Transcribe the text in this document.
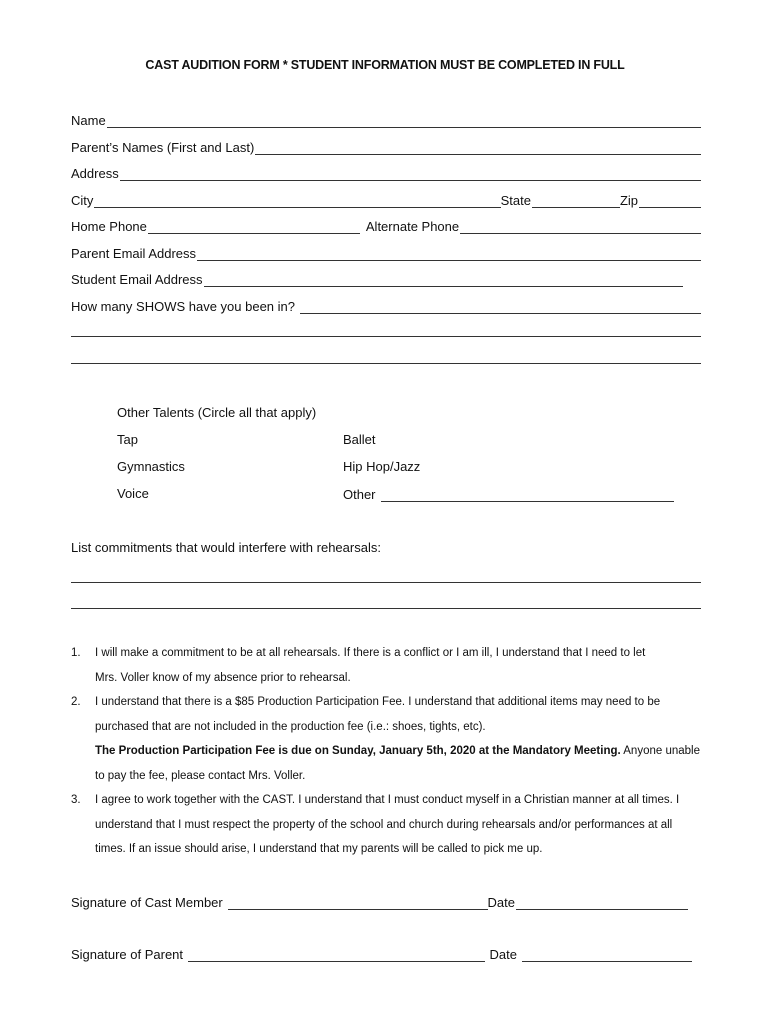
CAST AUDITION FORM * STUDENT INFORMATION MUST BE COMPLETED IN FULL
Name
Parent’s Names (First and Last)
Address
City	State	Zip
Home Phone	Alternate Phone
Parent Email Address
Student Email Address
How many SHOWS have you been in?
Other Talents (Circle all that apply)
Tap	Ballet
Gymnastics	Hip Hop/Jazz
Voice	Other
List commitments that would interfere with rehearsals:
1. I will make a commitment to be at all rehearsals. If there is a conflict or I am ill, I understand that I need to let
Mrs. Voller know of my absence prior to rehearsal.
2. I understand that there is a $85 Production Participation Fee. I understand that additional items may need to be
purchased that are not included in the production fee (i.e.: shoes, tights, etc).
The Production Participation Fee is due on Sunday, January 5th, 2020 at the Mandatory Meeting. Anyone unable
to pay the fee, please contact Mrs. Voller.
3. I agree to work together with the CAST. I understand that I must conduct myself in a Christian manner at all times. I
understand that I must respect the property of the school and church during rehearsals and/or performances at all
times. If an issue should arise, I understand that my parents will be called to pick me up.
Signature of Cast Member	Date
Signature of Parent	Date
